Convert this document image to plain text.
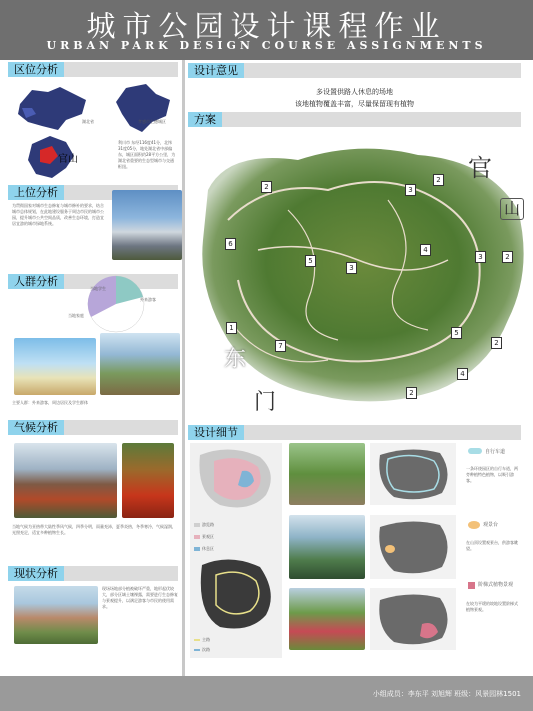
城市公园设计课程作业
URBAN PARK DESIGN COURSE ASSIGNMENTS
区位分析
湖北省	孝感市上德城区
官山
利川市 东经116度41分，北纬31度05分，地处湖北省中部偏东，城区面积约28平方公里，为湖北省重要的生态型城市与交通枢纽。
上位分析
为贯彻国家对城市生态修复与城市修补的要求，结合城市总体规划，在此地建设服务于周边市民的城市公园，提升城市公共空间品质，改善生态环境，打造宜居宜游的城市绿地系统。
人群分析
当地学生
外来游客
当地家庭
主要人群：外来游客，周边居民及学生群体
气候分析
当地气候为亚热带大陆性季风气候，四季分明，雨量充沛，夏季炎热，冬季寒冷，气候湿润，光照充足，适宜多种植物生长。
现状分析
现场场地部分植被破坏严重，地形起伏较大，部分区域土壤裸露，需要进行生态修复与景观提升，以满足游客与市民的使用需求。
设计意见
多设置供路人休息的场地
该地植物覆盖丰富，尽量保留现有植物
方案
2	3
2
6
5
3
4
3	2
1
7
5
2
4
2
官
山
东
门
1.主入口
2.次入口
3.最高石
4.阶梯式植物景观
5.观景台
6.杜鹃花带
7.自行车滑坡处
设计细节
游览路
景观区
休息区
主路
次路
自行车道
一条环绕园区的自行车道，两旁种植特色植物，以吸引游客。
观景台
在山顶设置观景台，供游客眺望。
阶梯式植物景观
在较为平缓的坡地设置阶梯式植物景观。
小组成员：李东平 刘旭辉 班级：风景园林1501
